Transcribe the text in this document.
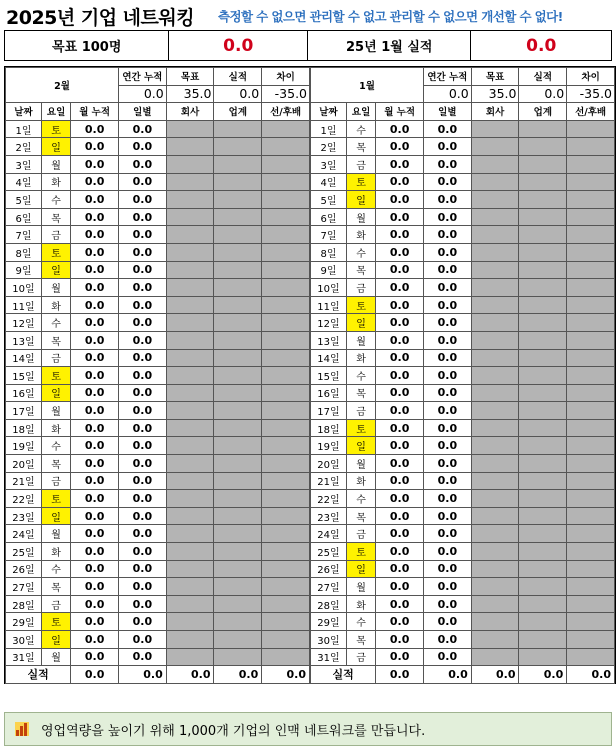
2025년 기업 네트워킹 측정할 수 없으면 관리할 수 없고 관리할 수 없으면 개선할 수 없다!
목표 100명	0.0	25년 1월 실적	0.0
2월			연간 누적	목표	실적	차이
			0.0	35.0	0.0	-35.0
날짜	요일	월 누적	일별	회사	업계	선/후배
1일	토	0.0	0.0			
2일	일	0.0	0.0			
3일	월	0.0	0.0			
4일	화	0.0	0.0			
5일	수	0.0	0.0			
6일	목	0.0	0.0			
7일	금	0.0	0.0			
8일	토	0.0	0.0			
9일	일	0.0	0.0			
10일	월	0.0	0.0			
11일	화	0.0	0.0			
12일	수	0.0	0.0			
13일	목	0.0	0.0			
14일	금	0.0	0.0			
15일	토	0.0	0.0			
16일	일	0.0	0.0			
17일	월	0.0	0.0			
18일	화	0.0	0.0			
19일	수	0.0	0.0			
20일	목	0.0	0.0			
21일	금	0.0	0.0			
22일	토	0.0	0.0			
23일	일	0.0	0.0			
24일	월	0.0	0.0			
25일	화	0.0	0.0			
26일	수	0.0	0.0			
27일	목	0.0	0.0			
28일	금	0.0	0.0			
29일	토	0.0	0.0			
30일	일	0.0	0.0			
31일	월	0.0	0.0			
실적		0.0	0.0	0.0	0.0	0.0
1월			연간 누적	목표	실적	차이
			0.0	35.0	0.0	-35.0
날짜	요일	월 누적	일별	회사	업계	선/후배
1일	수	0.0	0.0			
2일	목	0.0	0.0			
3일	금	0.0	0.0			
4일	토	0.0	0.0			
5일	일	0.0	0.0			
6일	월	0.0	0.0			
7일	화	0.0	0.0			
8일	수	0.0	0.0			
9일	목	0.0	0.0			
10일	금	0.0	0.0			
11일	토	0.0	0.0			
12일	일	0.0	0.0			
13일	월	0.0	0.0			
14일	화	0.0	0.0			
15일	수	0.0	0.0			
16일	목	0.0	0.0			
17일	금	0.0	0.0			
18일	토	0.0	0.0			
19일	일	0.0	0.0			
20일	월	0.0	0.0			
21일	화	0.0	0.0			
22일	수	0.0	0.0			
23일	목	0.0	0.0			
24일	금	0.0	0.0			
25일	토	0.0	0.0			
26일	일	0.0	0.0			
27일	월	0.0	0.0			
28일	화	0.0	0.0			
29일	수	0.0	0.0			
30일	목	0.0	0.0			
31일	금	0.0	0.0			
실적		0.0	0.0	0.0	0.0	0.0
영업역량을 높이기 위해 1,000개 기업의 인맥 네트워크를 만듭니다.
